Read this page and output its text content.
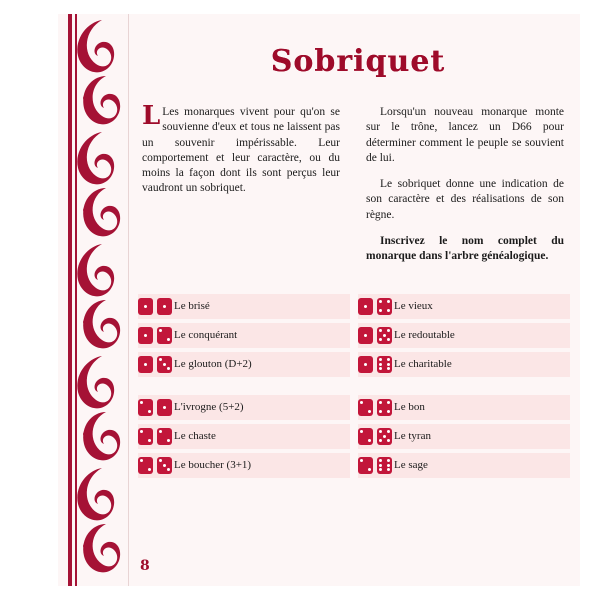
Sobriquet

L Les monarques vivent pour qu'on se souvienne d'eux et tous ne laissent pas un souvenir impérissable. Leur comportement et leur caractère, ou du moins la façon dont ils sont perçus leur vaudront un sobriquet.

Lorsqu'un nouveau monarque monte sur le trône, lancez un D66 pour déterminer comment le peuple se souvient de lui.

Le sobriquet donne une indication de son caractère et des réalisations de son règne.

Inscrivez le nom complet du monarque dans l'arbre généalogique.

Le brisé	Le vieux
Le conquérant	Le redoutable
Le glouton (D+2)	Le charitable
L'ivrogne (5+2)	Le bon
Le chaste	Le tyran
Le boucher (3+1)	Le sage
8
